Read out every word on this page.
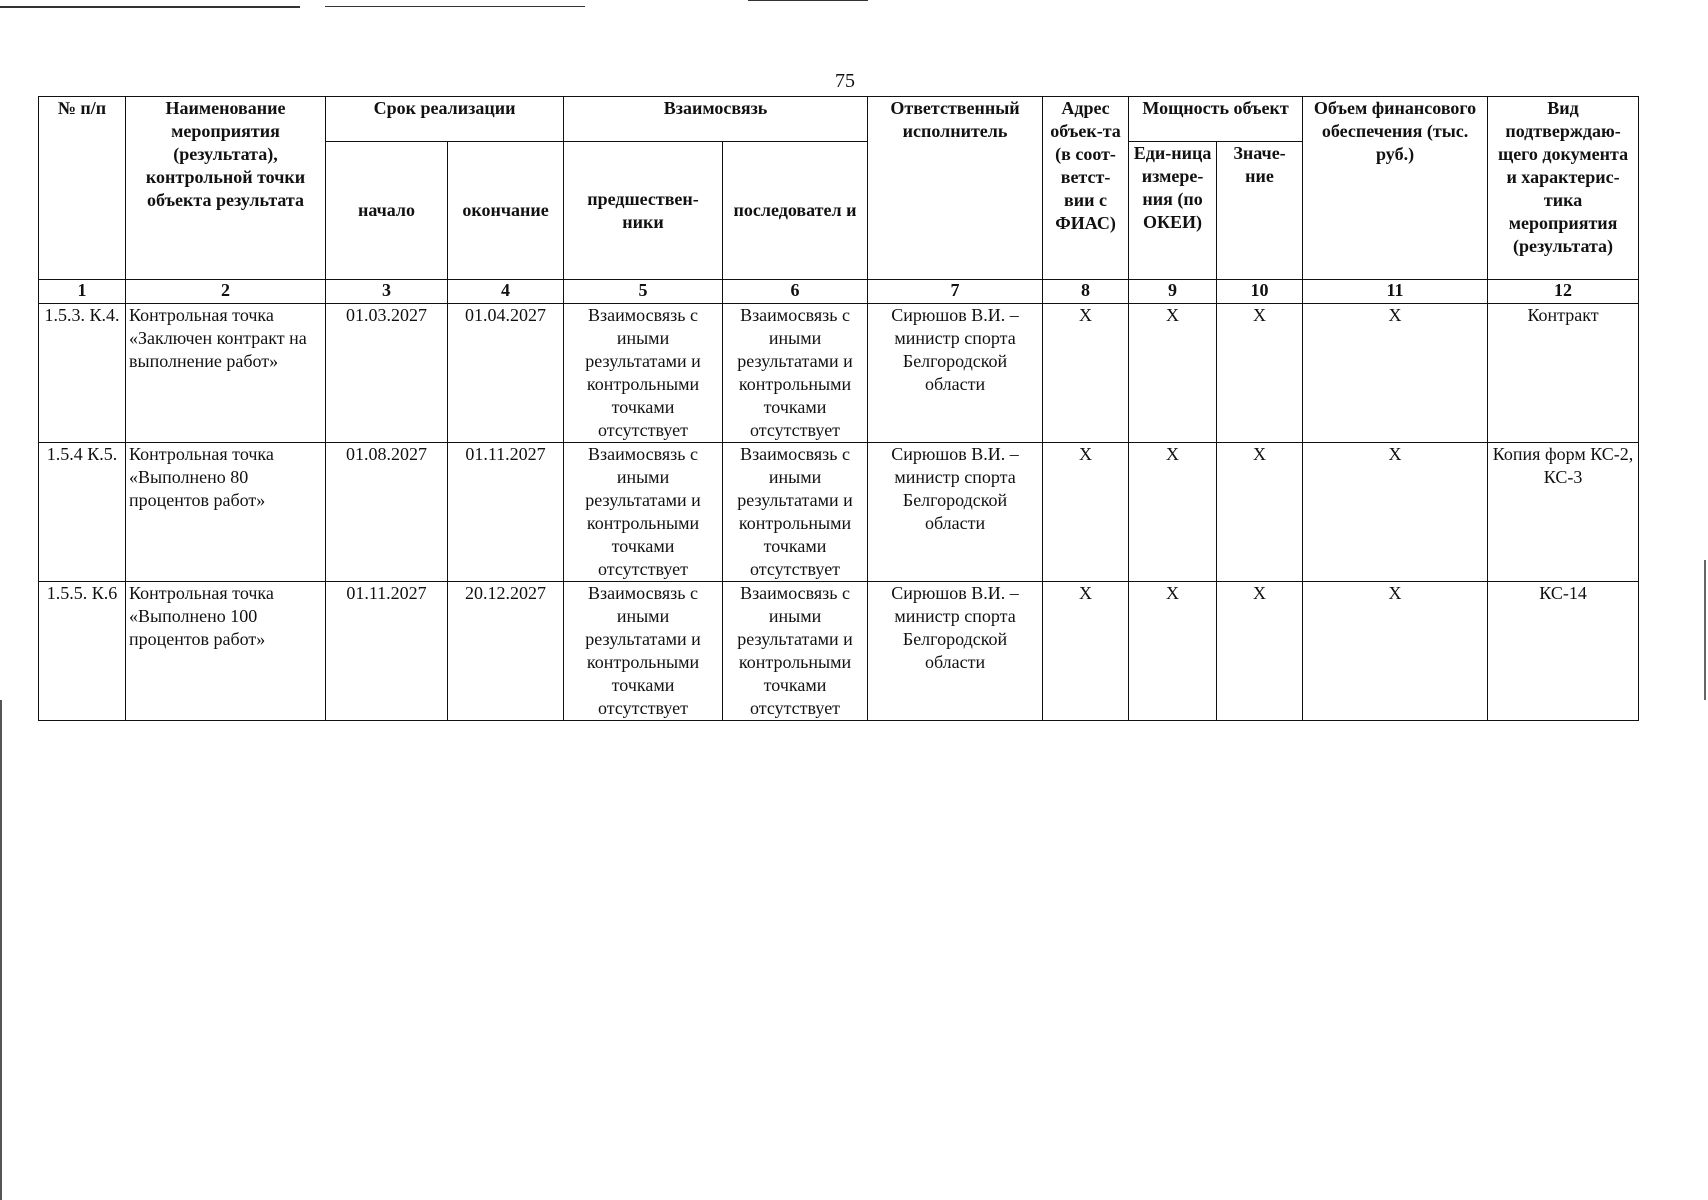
75
№ п/п	Наименование мероприятия (результата), контрольной точки объекта результата	Срок реализации		Взаимосвязь		Ответственный исполнитель	Адрес объек-та (в соот-ветст-вии с ФИАС)	Мощность объект		Объем финансового обеспечения (тыс. руб.)	Вид подтверждаю-щего документа и характерис-тика мероприятия (результата)
		начало	окончание	предшествен-ники	последовател и			Еди-ница измере-ния (по ОКЕИ)	Значе-ние		
1	2	3	4	5	6	7	8	9	10	11	12
1.5.3. К.4.	Контрольная точка «Заключен контракт на выполнение работ»	01.03.2027	01.04.2027	Взаимосвязь с иными результатами и контрольными точками отсутствует	Взаимосвязь с иными результатами и контрольными точками отсутствует	Сирюшов В.И. – министр спорта Белгородской области	X	X	X	X	Контракт
1.5.4 К.5.	Контрольная точка «Выполнено 80 процентов работ»	01.08.2027	01.11.2027	Взаимосвязь с иными результатами и контрольными точками отсутствует	Взаимосвязь с иными результатами и контрольными точками отсутствует	Сирюшов В.И. – министр спорта Белгородской области	X	X	X	X	Копия форм КС-2, КС-3
1.5.5. К.6	Контрольная точка «Выполнено 100 процентов работ»	01.11.2027	20.12.2027	Взаимосвязь с иными результатами и контрольными точками отсутствует	Взаимосвязь с иными результатами и контрольными точками отсутствует	Сирюшов В.И. – министр спорта Белгородской области	X	X	X	X	КС-14
